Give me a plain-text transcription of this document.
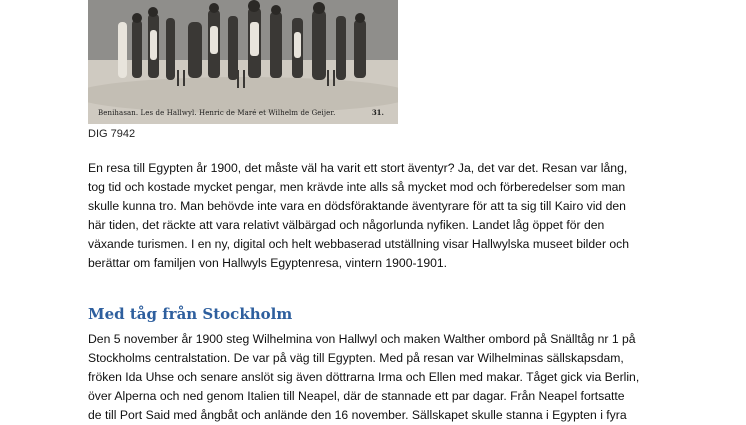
Benihasan. Les de Hallwyl. Henric de Maré et Wilhelm de Geijer.	31.
DIG 7942
En resa till Egypten år 1900, det måste väl ha varit ett stort äventyr? Ja, det var det. Resan var lång,
tog tid och kostade mycket pengar, men krävde inte alls så mycket mod och förberedelser som man
skulle kunna tro. Man behövde inte vara en dödsföraktande äventyrare för att ta sig till Kairo vid den
här tiden, det räckte att vara relativt välbärgad och någorlunda nyfiken. Landet låg öppet för den
växande turismen. I en ny, digital och helt webbaserad utställning visar Hallwylska museet bilder och
berättar om familjen von Hallwyls Egyptenresa, vintern 1900-1901.
Med tåg från Stockholm
Den 5 november år 1900 steg Wilhelmina von Hallwyl och maken Walther ombord på Snälltåg nr 1 på
Stockholms centralstation. De var på väg till Egypten. Med på resan var Wilhelminas sällskapsdam,
fröken Ida Uhse och senare anslöt sig även döttrarna Irma och Ellen med makar. Tåget gick via Berlin,
över Alperna och ned genom Italien till Neapel, där de stannade ett par dagar. Från Neapel fortsatte
de till Port Said med ångbåt och anlände den 16 november. Sällskapet skulle stanna i Egypten i fyra
